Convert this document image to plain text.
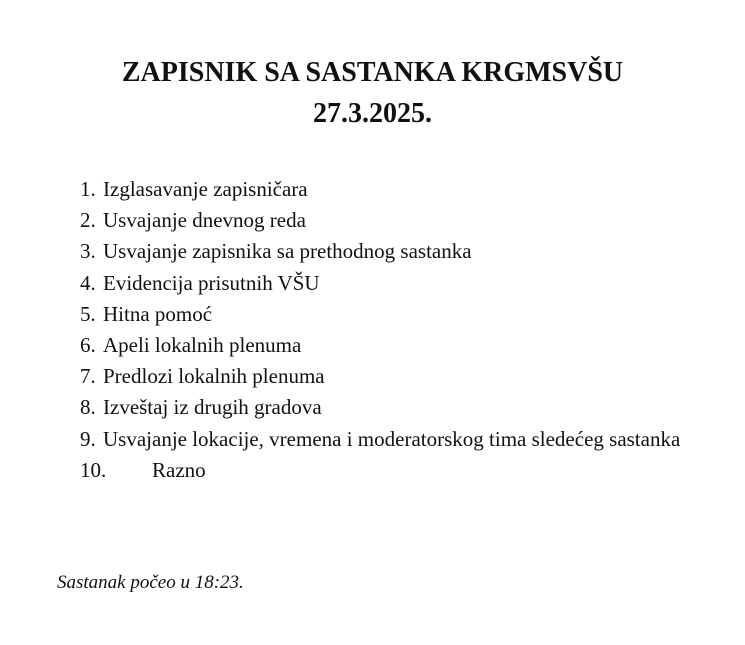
ZAPISNIK SA SASTANKA KRGMSVŠU
27.3.2025.
1. Izglasavanje zapisničara
2. Usvajanje dnevnog reda
3. Usvajanje zapisnika sa prethodnog sastanka
4. Evidencija prisutnih VŠU
5. Hitna pomoć
6. Apeli lokalnih plenuma
7. Predlozi lokalnih plenuma
8. Izveštaj iz drugih gradova
9. Usvajanje lokacije, vremena i moderatorskog tima sledećeg sastanka
10. Razno

Sastanak počeo u 18:23.
